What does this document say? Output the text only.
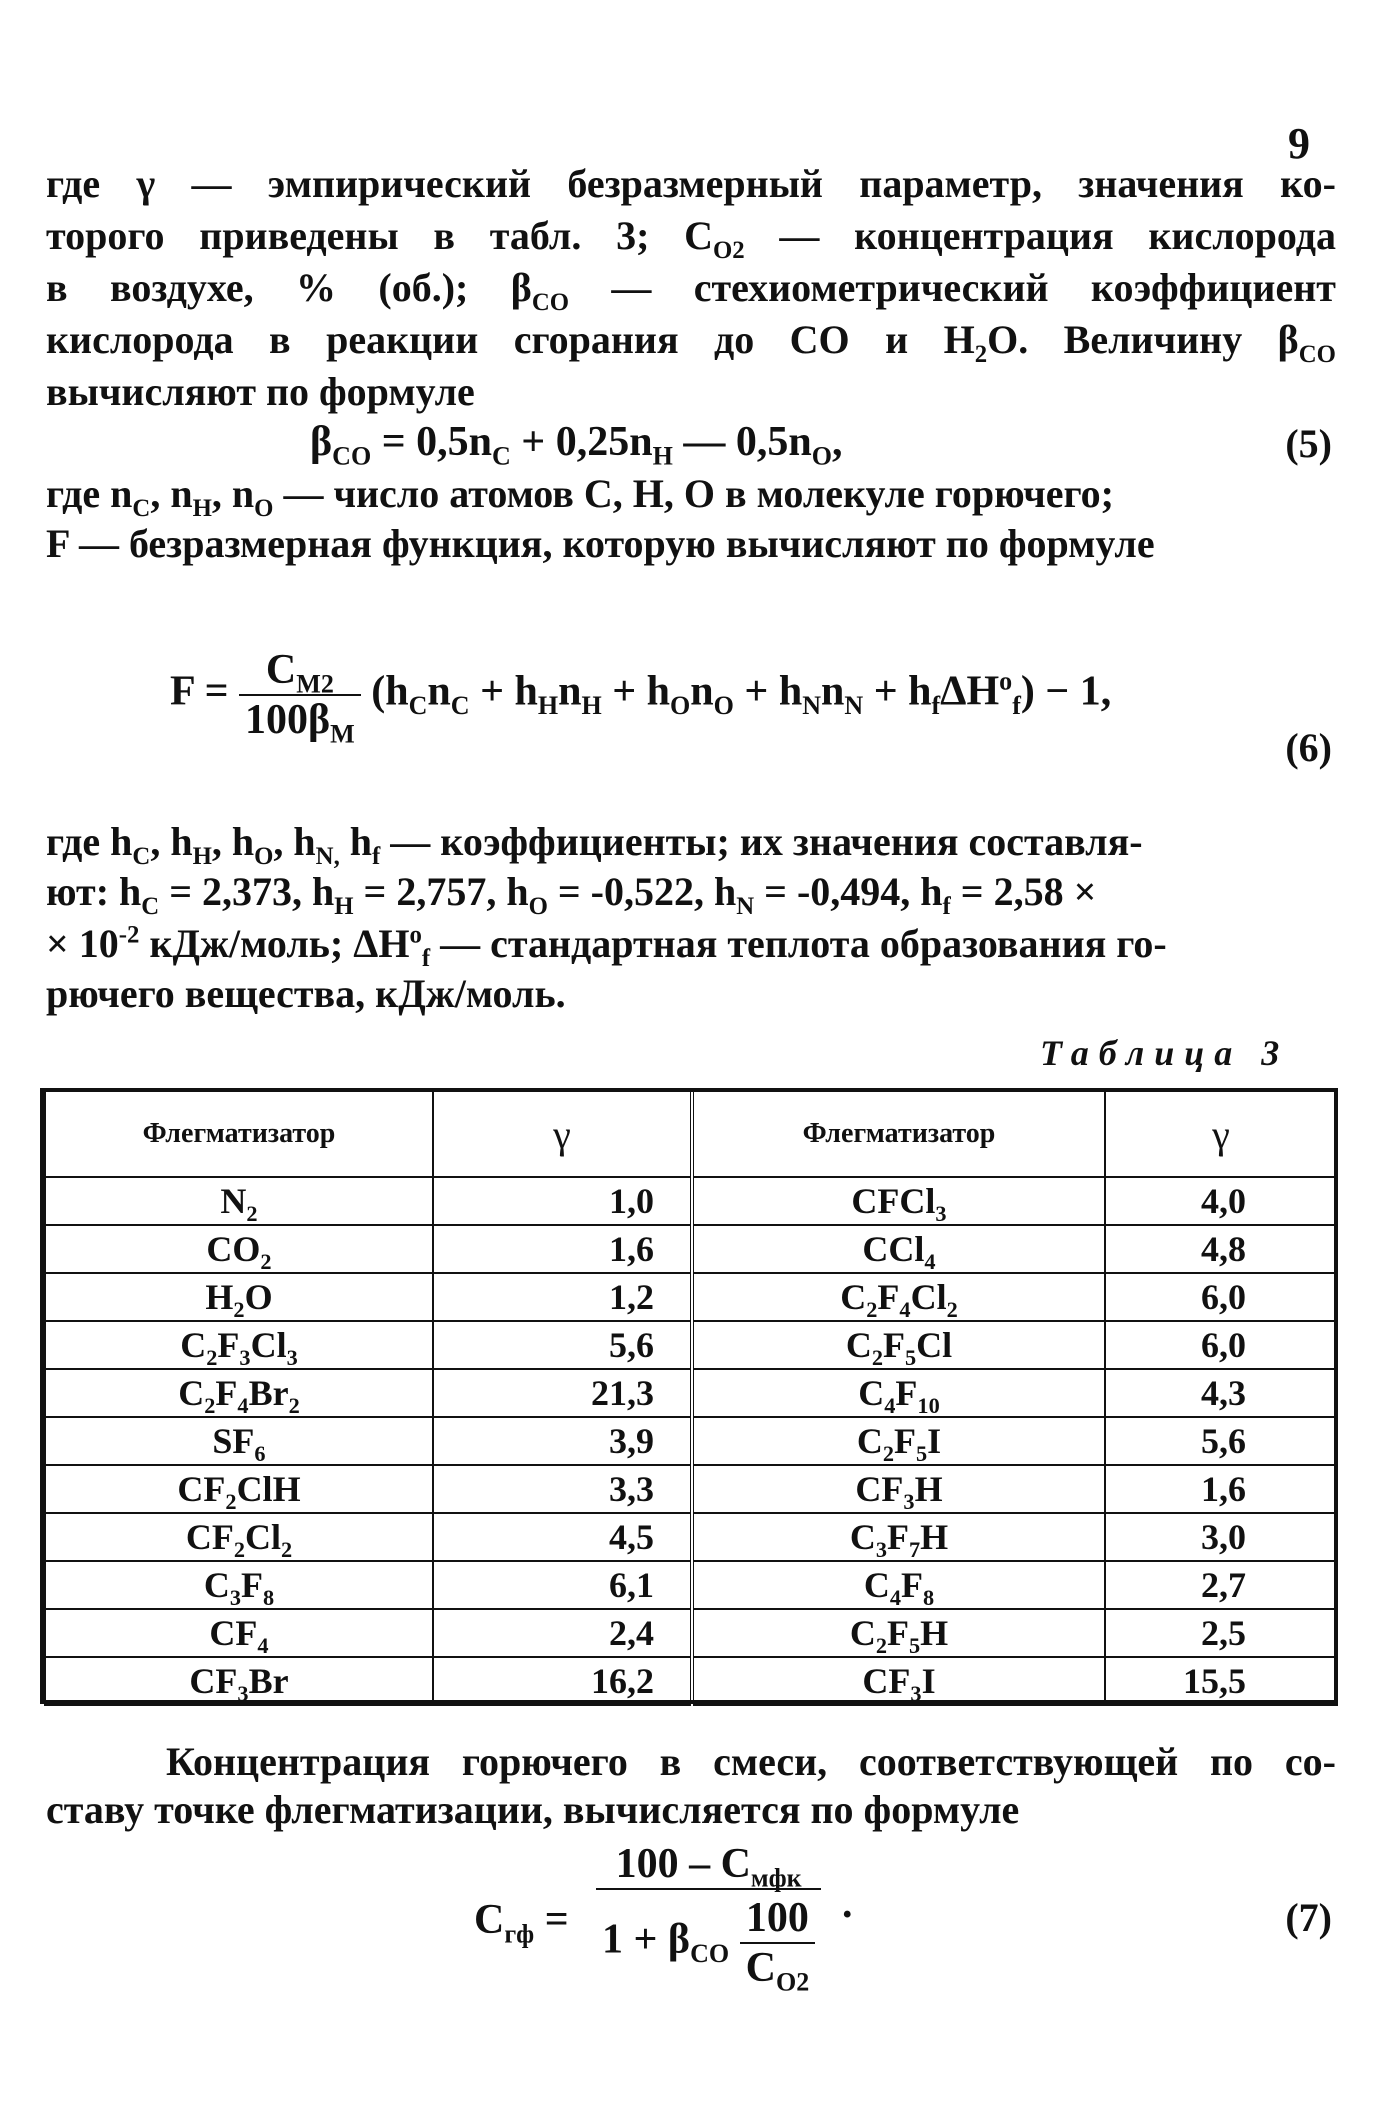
9
где γ — эмпирический безразмерный параметр, значения ко-
торого приведены в табл. 3; $C_{O2}$ — концентрация кислорода
в воздухе, % (об.); $\beta_{CO}$ — стехиометрический коэффициент
кислорода в реакции сгорания до CO и $H_2O$. Величину $\beta_{CO}$
вычисляют по формуле
$\beta_{CO} = 0,5n_C + 0,25n_H$ — $0,5n_O$,	(5)
где $n_C$, $n_H$, $n_O$ — число атомов C, H, O в молекуле горючего;
F — безразмерная функция, которую вычисляют по формуле
$F = \frac{C_{M2}}{100\beta_M} (h_Cn_C + h_Hn_H + h_On_O + h_Nn_N + h_f\Delta H^o_f) - 1$,
(6)
где $h_C$, $h_H$, $h_O$, $h_{N,}$ $h_f$ — коэффициенты; их значения составля-
ют: $h_C = 2,373$, $h_H = 2,757$, $h_O = -0,522$, $h_N = -0,494$, $h_f = 2,58$ ×
× $10^{-2}$ кДж/моль; $\Delta H^o_f$ — стандартная теплота образования го-
рючего вещества, кДж/моль.
Таблица 3
Флегматизатор	γ	Флегматизатор	γ
$N_2$	1,0	CFCl$_3$	4,0
$CO_2$	1,6	CCl$_4$	4,8
$H_2O$	1,2	$C_2F_4Cl_2$	6,0
$C_2F_3Cl_3$	5,6	$C_2F_5Cl$	6,0
$C_2F_4Br_2$	21,3	$C_4F_{10}$	4,3
$SF_6$	3,9	$C_2F_5I$	5,6
$CF_2ClH$	3,3	$CF_3H$	1,6
$CF_2Cl_2$	4,5	$C_3F_7H$	3,0
$C_3F_8$	6,1	$C_4F_8$	2,7
$CF_4$	2,4	$C_2F_5H$	2,5
$CF_3Br$	16,2	$CF_3I$	15,5
Концентрация горючего в смеси, соответствующей по со-
ставу точке флегматизации, вычисляется по формуле
$C_{гф}$ =
$100 - C_{мфк}$
$1 + \beta_{CO} \frac{100}{C_{O2}}$ .	(7)
